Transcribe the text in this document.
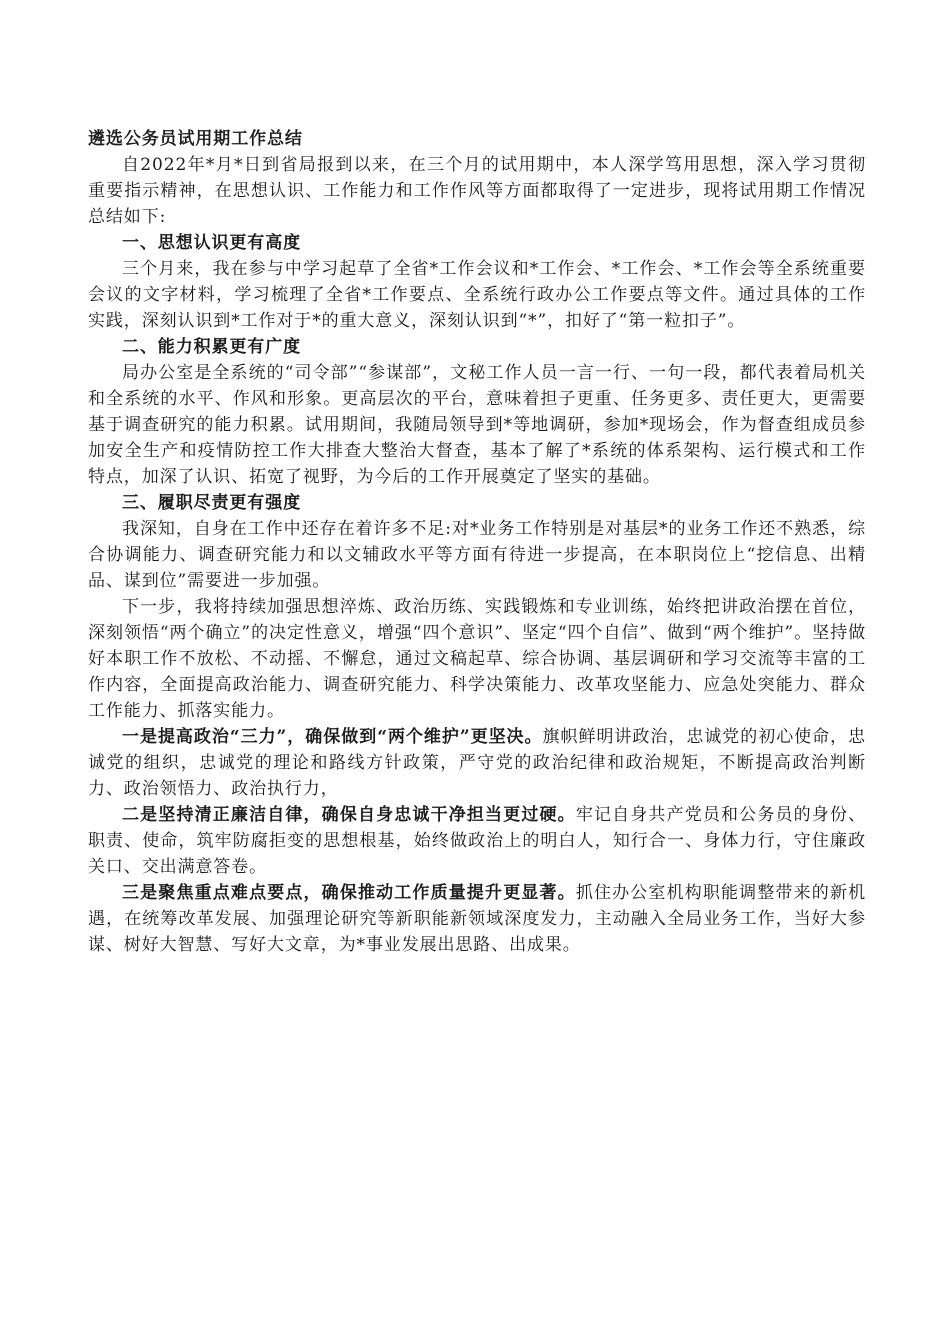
遴选公务员试用期工作总结

自2022年*月*日到省局报到以来，在三个月的试用期中，本人深学笃用思想，深入学习贯彻重要指示精神，在思想认识、工作能力和工作作风等方面都取得了一定进步，现将试用期工作情况总结如下:

一、思想认识更有高度

三个月来，我在参与中学习起草了全省*工作会议和*工作会、*工作会、*工作会等全系统重要会议的文字材料，学习梳理了全省*工作要点、全系统行政办公工作要点等文件。通过具体的工作实践，深刻认识到*工作对于*的重大意义，深刻认识到“*”，扣好了“第一粒扣子”。

二、能力积累更有广度

局办公室是全系统的“司令部”“参谋部”，文秘工作人员一言一行、一句一段，都代表着局机关和全系统的水平、作风和形象。更高层次的平台，意味着担子更重、任务更多、责任更大，更需要基于调查研究的能力积累。试用期间，我随局领导到*等地调研，参加*现场会，作为督查组成员参加安全生产和疫情防控工作大排查大整治大督查，基本了解了*系统的体系架构、运行模式和工作特点，加深了认识、拓宽了视野，为今后的工作开展奠定了坚实的基础。

三、履职尽责更有强度

我深知，自身在工作中还存在着许多不足:对*业务工作特别是对基层*的业务工作还不熟悉，综合协调能力、调查研究能力和以文辅政水平等方面有待进一步提高，在本职岗位上“挖信息、出精品、谋到位”需要进一步加强。

下一步，我将持续加强思想淬炼、政治历练、实践锻炼和专业训练，始终把讲政治摆在首位，深刻领悟“两个确立”的决定性意义，增强“四个意识”、坚定“四个自信”、做到“两个维护”。坚持做好本职工作不放松、不动摇、不懈怠，通过文稿起草、综合协调、基层调研和学习交流等丰富的工作内容，全面提高政治能力、调查研究能力、科学决策能力、改革攻坚能力、应急处突能力、群众工作能力、抓落实能力。

一是提高政治“三力”，确保做到“两个维护”更坚决。旗帜鲜明讲政治，忠诚党的初心使命，忠诚党的组织，忠诚党的理论和路线方针政策，严守党的政治纪律和政治规矩，不断提高政治判断力、政治领悟力、政治执行力，

二是坚持清正廉洁自律，确保自身忠诚干净担当更过硬。牢记自身共产党员和公务员的身份、职责、使命，筑牢防腐拒变的思想根基，始终做政治上的明白人，知行合一、身体力行，守住廉政关口、交出满意答卷。

三是聚焦重点难点要点，确保推动工作质量提升更显著。抓住办公室机构职能调整带来的新机遇，在统筹改革发展、加强理论研究等新职能新领域深度发力，主动融入全局业务工作，当好大参谋、树好大智慧、写好大文章，为*事业发展出思路、出成果。
